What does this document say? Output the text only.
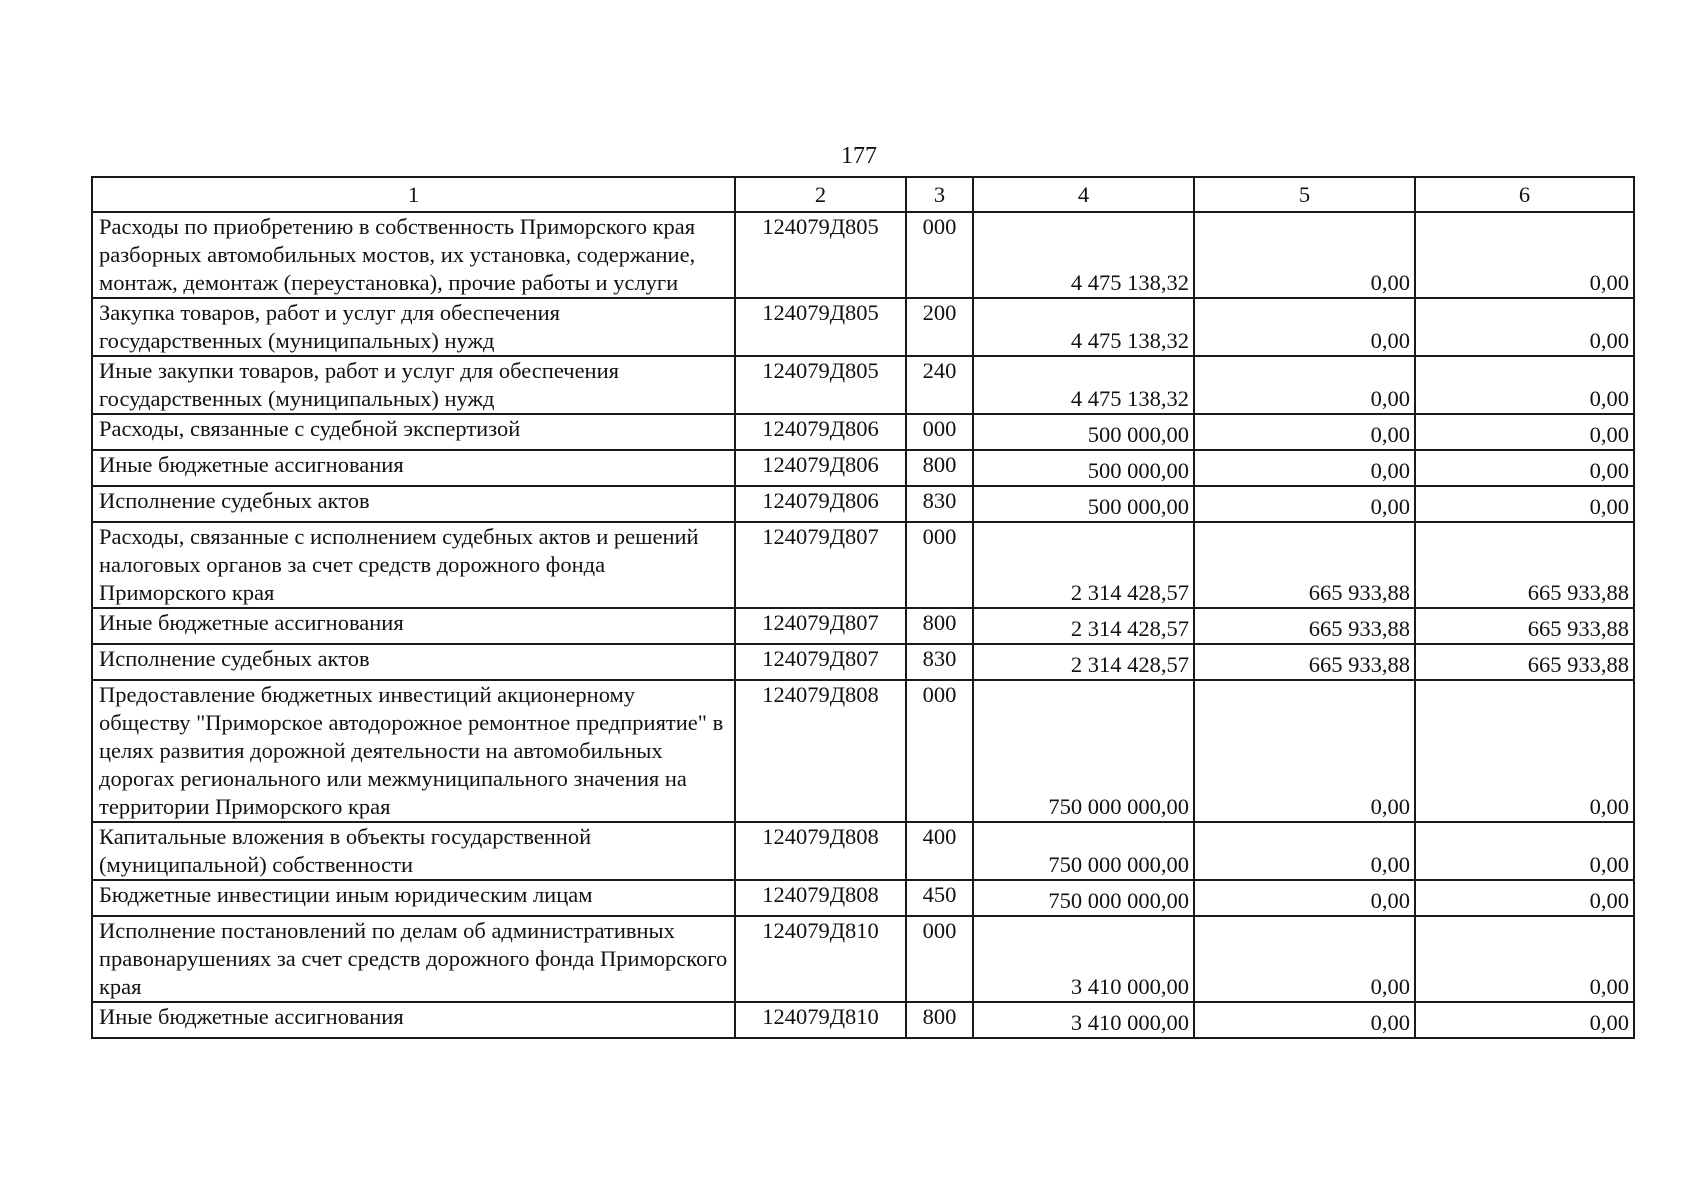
177
1	2	3	4	5	6

Расходы по приобретению в собственность Приморского края разборных автомобильных мостов, их установка, содержание, монтаж, демонтаж (переустановка), прочие работы и услуги	124079Д805	000	4 475 138,32	0,00	0,00

Закупка товаров, работ и услуг для обеспечения государственных (муниципальных) нужд	124079Д805	200	4 475 138,32	0,00	0,00

Иные закупки товаров, работ и услуг для обеспечения государственных (муниципальных) нужд	124079Д805	240	4 475 138,32	0,00	0,00

Расходы, связанные с судебной экспертизой	124079Д806	000	500 000,00	0,00	0,00

Иные бюджетные ассигнования	124079Д806	800	500 000,00	0,00	0,00

Исполнение судебных актов	124079Д806	830	500 000,00	0,00	0,00

Расходы, связанные с исполнением судебных актов и решений налоговых органов за счет средств дорожного фонда Приморского края	124079Д807	000	2 314 428,57	665 933,88	665 933,88

Иные бюджетные ассигнования	124079Д807	800	2 314 428,57	665 933,88	665 933,88

Исполнение судебных актов	124079Д807	830	2 314 428,57	665 933,88	665 933,88

Предоставление бюджетных инвестиций акционерному обществу "Приморское автодорожное ремонтное предприятие" в целях развития дорожной деятельности на автомобильных дорогах регионального или межмуниципального значения на территории Приморского края	124079Д808	000	750 000 000,00	0,00	0,00

Капитальные вложения в объекты государственной (муниципальной) собственности	124079Д808	400	750 000 000,00	0,00	0,00

Бюджетные инвестиции иным юридическим лицам	124079Д808	450	750 000 000,00	0,00	0,00

Исполнение постановлений по делам об административных правонарушениях за счет средств дорожного фонда Приморского края	124079Д810	000	3 410 000,00	0,00	0,00

Иные бюджетные ассигнования	124079Д810	800	3 410 000,00	0,00	0,00
